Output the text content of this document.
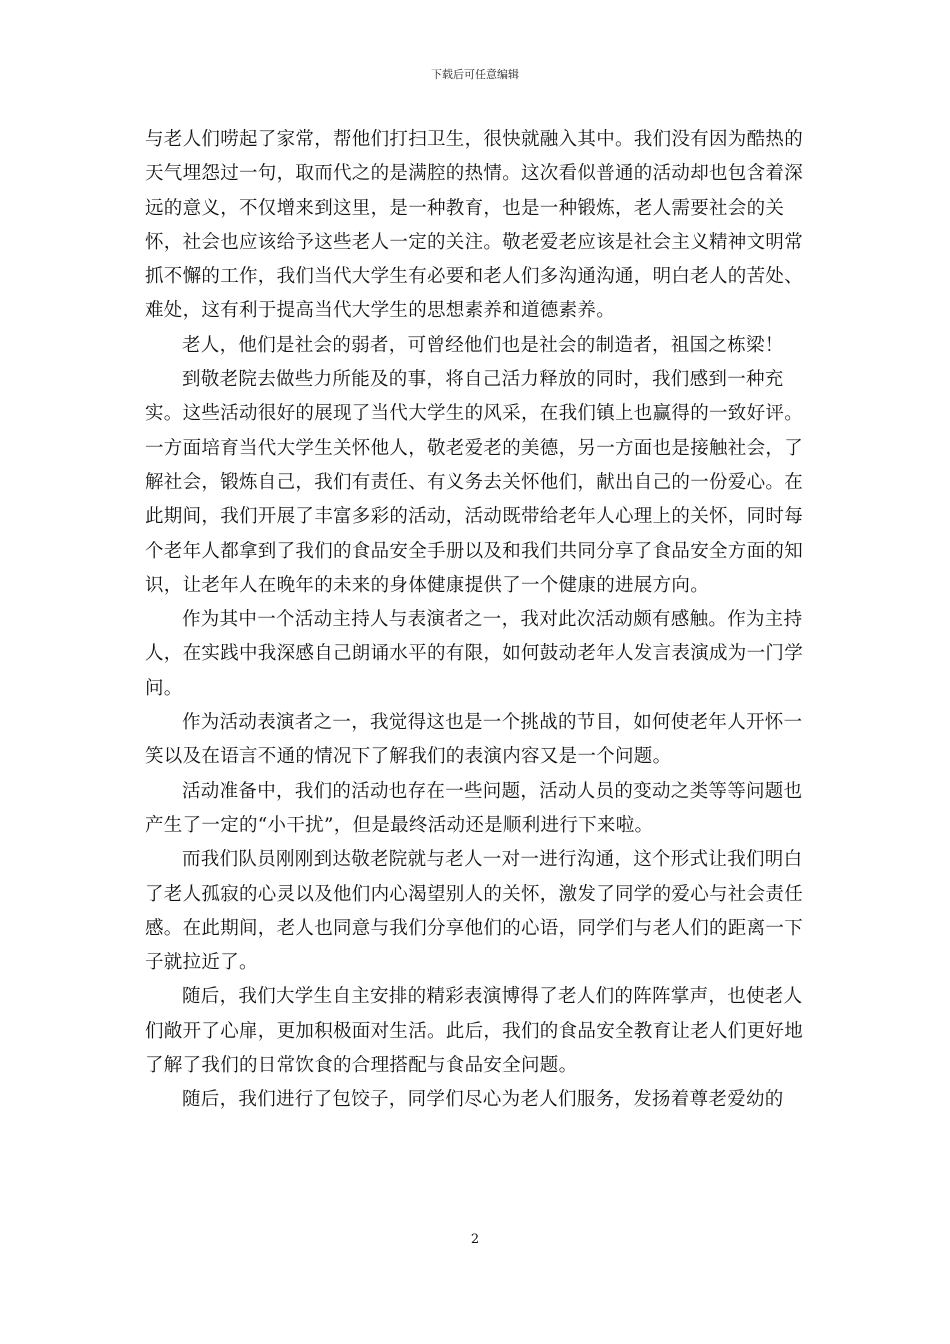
下载后可任意编辑

与老人们唠起了家常，帮他们打扫卫生，很快就融入其中。我们没有因为酷热的天气埋怨过一句，取而代之的是满腔的热情。这次看似普通的活动却也包含着深远的意义，不仅增来到这里，是一种教育，也是一种锻炼，老人需要社会的关怀，社会也应该给予这些老人一定的关注。敬老爱老应该是社会主义精神文明常抓不懈的工作，我们当代大学生有必要和老人们多沟通沟通，明白老人的苦处、难处，这有利于提高当代大学生的思想素养和道德素养。

老人，他们是社会的弱者，可曾经他们也是社会的制造者，祖国之栋梁！

到敬老院去做些力所能及的事，将自己活力释放的同时，我们感到一种充实。这些活动很好的展现了当代大学生的风采，在我们镇上也赢得的一致好评。一方面培育当代大学生关怀他人，敬老爱老的美德，另一方面也是接触社会，了解社会，锻炼自己，我们有责任、有义务去关怀他们，献出自己的一份爱心。在此期间，我们开展了丰富多彩的活动，活动既带给老年人心理上的关怀，同时每个老年人都拿到了我们的食品安全手册以及和我们共同分享了食品安全方面的知识，让老年人在晚年的未来的身体健康提供了一个健康的进展方向。

作为其中一个活动主持人与表演者之一，我对此次活动颇有感触。作为主持人，在实践中我深感自己朗诵水平的有限，如何鼓动老年人发言表演成为一门学问。

作为活动表演者之一，我觉得这也是一个挑战的节目，如何使老年人开怀一笑以及在语言不通的情况下了解我们的表演内容又是一个问题。

活动准备中，我们的活动也存在一些问题，活动人员的变动之类等等问题也产生了一定的“小干扰”，但是最终活动还是顺利进行下来啦。

而我们队员刚刚到达敬老院就与老人一对一进行沟通，这个形式让我们明白了老人孤寂的心灵以及他们内心渴望别人的关怀，激发了同学的爱心与社会责任感。在此期间，老人也同意与我们分享他们的心语，同学们与老人们的距离一下子就拉近了。

随后，我们大学生自主安排的精彩表演博得了老人们的阵阵掌声，也使老人们敞开了心扉，更加积极面对生活。此后，我们的食品安全教育让老人们更好地了解了我们的日常饮食的合理搭配与食品安全问题。

随后，我们进行了包饺子，同学们尽心为老人们服务，发扬着尊老爱幼的

2
